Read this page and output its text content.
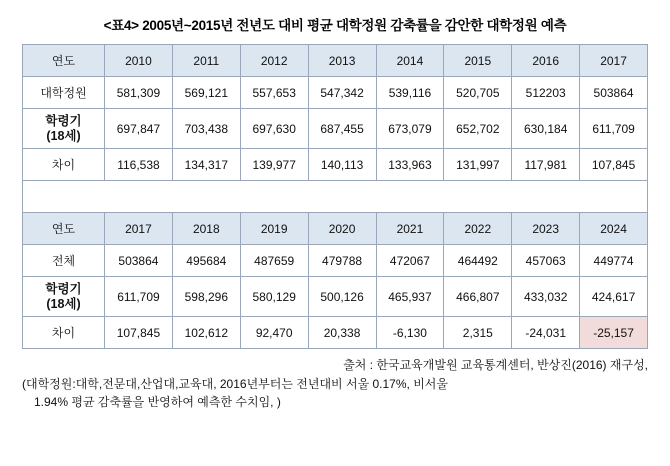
<표4> 2005년~2015년 전년도 대비 평균 대학정원 감축률을 감안한 대학정원 예측
연도	2010	2011	2012	2013	2014	2015	2016	2017
대학정원	581,309	569,121	557,653	547,342	539,116	520,705	512203	503864

학령기
(18세)	697,847	703,438	697,630	687,455	673,079	652,702	630,184	611,709
차이	116,538	134,317	139,977	140,113	133,963	131,997	117,981	107,845

연도	2017	2018	2019	2020	2021	2022	2023	2024
전체	503864	495684	487659	479788	472067	464492	457063	449774

학령기
(18세)	611,709	598,296	580,129	500,126	465,937	466,807	433,032	424,617
차이	107,845	102,612	92,470	20,338	-6,130	2,315	-24,031	-25,157
출처 : 한국교육개발원 교육통계센터, 반상진(2016) 재구성,
(대학정원:대학,전문대,산업대,교육대, 2016년부터는 전년대비 서울 0.17%, 비서울
1.94% 평균 감축률을 반영하여 예측한 수치임, )
